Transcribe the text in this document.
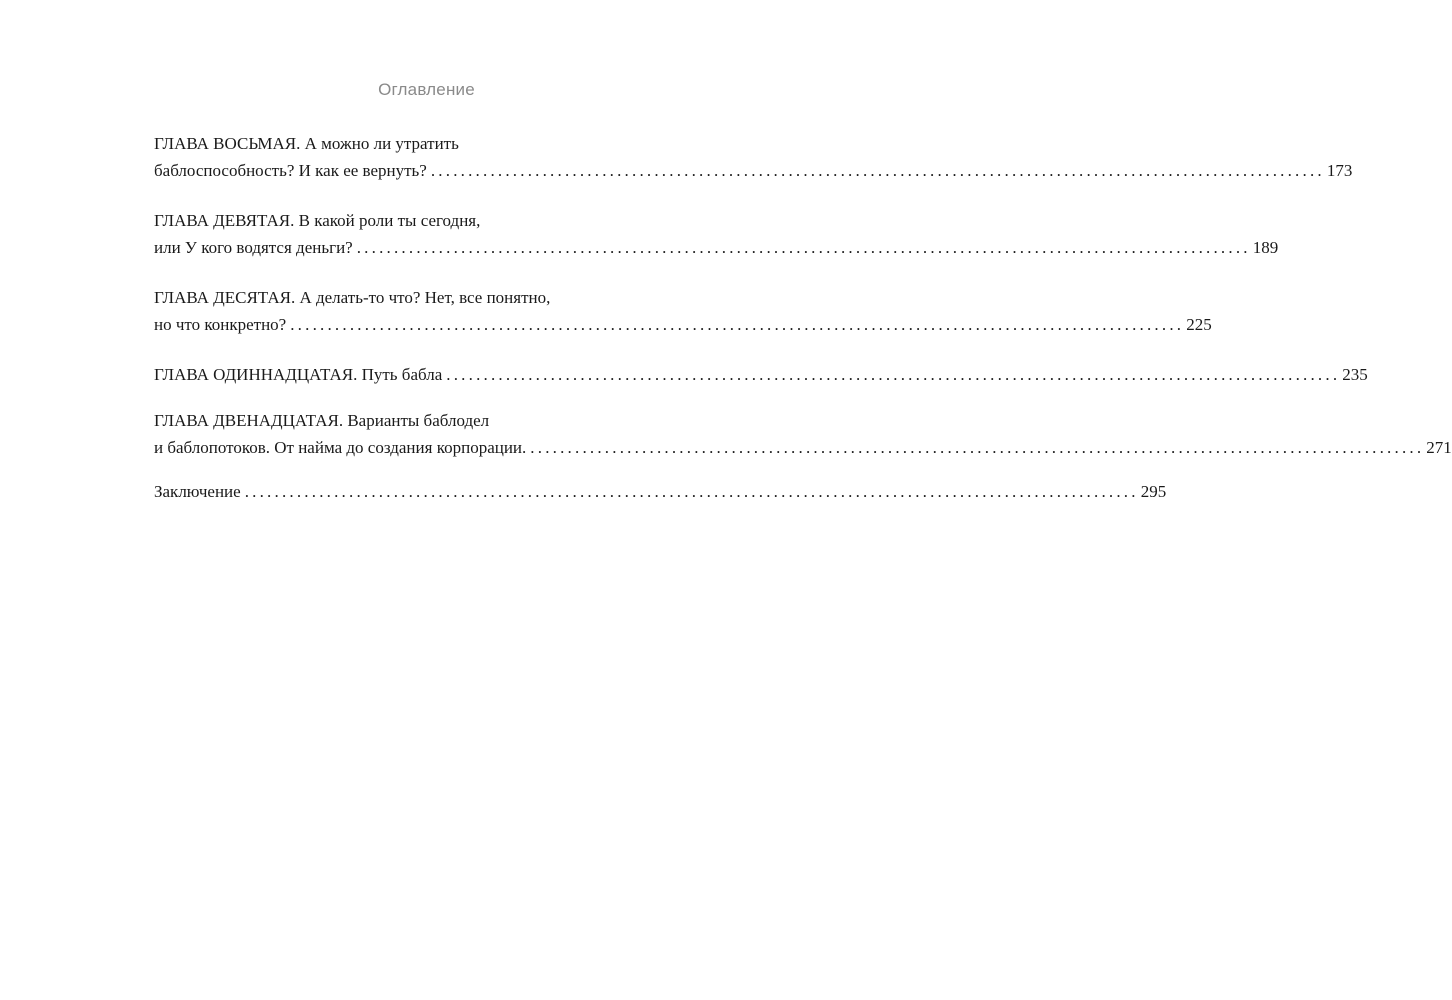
Оглавление
ГЛАВА ВОСЬМАЯ. А можно ли утратить
баблоспособность? И как ее вернуть? ........................................................................................................................ 173
ГЛАВА ДЕВЯТАЯ. В какой роли ты сегодня,
или У кого водятся деньги? ........................................................................................................................ 189
ГЛАВА ДЕСЯТАЯ. А делать-то что? Нет, все понятно,
но что конкретно? ........................................................................................................................ 225
ГЛАВА ОДИННАДЦАТАЯ. Путь бабла ........................................................................................................................ 235
ГЛАВА ДВЕНАДЦАТАЯ. Варианты баблодел
и баблопотоков. От найма до создания корпорации. ........................................................................................................................ 271
Заключение ........................................................................................................................ 295
